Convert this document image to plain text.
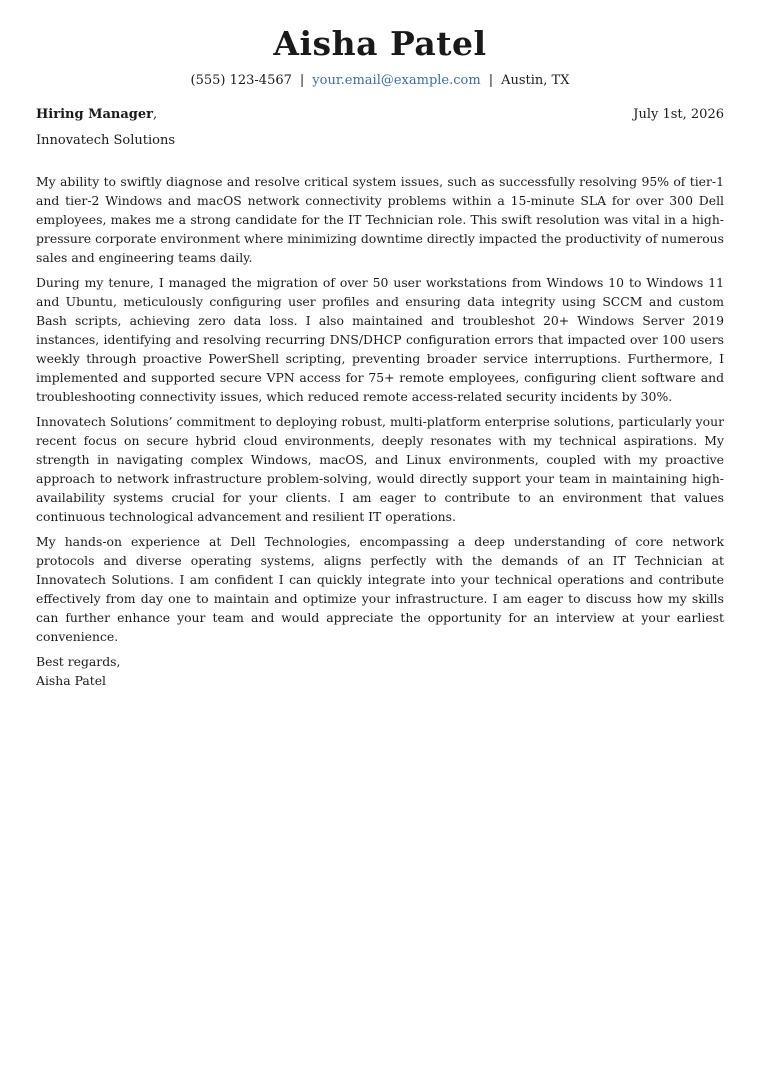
Aisha Patel
(555) 123-4567 | your.email@example.com | Austin, TX
Hiring Manager,	July 1st, 2026
Innovatech Solutions

My ability to swiftly diagnose and resolve critical system issues, such as successfully resolving 95% of tier-1 and tier-2 Windows and macOS network connectivity problems within a 15-minute SLA for over 300 Dell employees, makes me a strong candidate for the IT Technician role. This swift resolution was vital in a high-pressure corporate environment where minimizing downtime directly impacted the productivity of numerous sales and engineering teams daily.

During my tenure, I managed the migration of over 50 user workstations from Windows 10 to Windows 11 and Ubuntu, meticulously configuring user profiles and ensuring data integrity using SCCM and custom Bash scripts, achieving zero data loss. I also maintained and troubleshot 20+ Windows Server 2019 instances, identifying and resolving recurring DNS/DHCP configuration errors that impacted over 100 users weekly through proactive PowerShell scripting, preventing broader service interruptions. Furthermore, I implemented and supported secure VPN access for 75+ remote employees, configuring client software and troubleshooting connectivity issues, which reduced remote access-related security incidents by 30%.

Innovatech Solutions’ commitment to deploying robust, multi-platform enterprise solutions, particularly your recent focus on secure hybrid cloud environments, deeply resonates with my technical aspirations. My strength in navigating complex Windows, macOS, and Linux environments, coupled with my proactive approach to network infrastructure problem-solving, would directly support your team in maintaining high-availability systems crucial for your clients. I am eager to contribute to an environment that values continuous technological advancement and resilient IT operations.

My hands-on experience at Dell Technologies, encompassing a deep understanding of core network protocols and diverse operating systems, aligns perfectly with the demands of an IT Technician at Innovatech Solutions. I am confident I can quickly integrate into your technical operations and contribute effectively from day one to maintain and optimize your infrastructure. I am eager to discuss how my skills can further enhance your team and would appreciate the opportunity for an interview at your earliest convenience.

Best regards,
Aisha Patel
